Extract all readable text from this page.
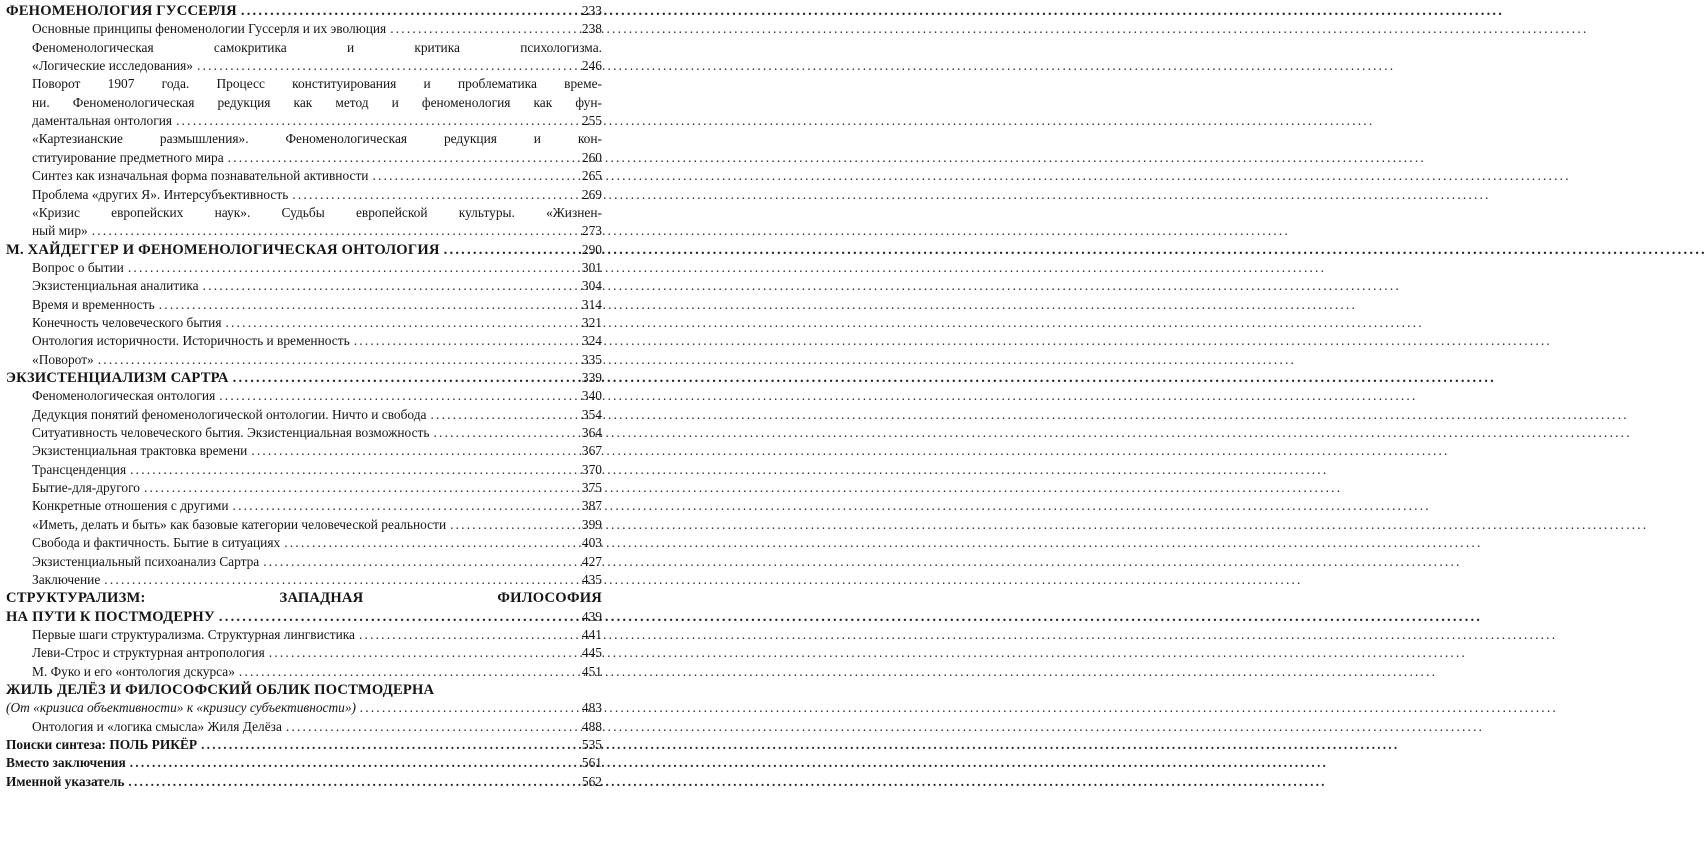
ФЕНОМЕНОЛОГИЯ ГУССЕРЛЯ .....	233
Основные принципы феноменологии Гуссерля и их эволюция .....	238
Феноменологическая самокритика и критика психологизма.
«Логические исследования» .....	246
Поворот 1907 года. Процесс конституирования и проблематика време-
ни. Феноменологическая редукция как метод и феноменология как фун-
даментальная онтология .....	255
«Картезианские размышления». Феноменологическая редукция и кон-
ституирование предметного мира .....	260
Синтез как изначальная форма познавательной активности .....	265
Проблема «других Я». Интерсубъективность .....	269
«Кризис европейских наук». Судьбы европейской культуры. «Жизнен-
ный мир» .....	273
М. ХАЙДЕГГЕР И ФЕНОМЕНОЛОГИЧЕСКАЯ ОНТОЛОГИЯ .....	290
Вопрос о бытии .....	301
Экзистенциальная аналитика .....	304
Время и временность .....	314
Конечность человеческого бытия .....	321
Онтология историчности. Историчность и временность .....	324
«Поворот» .....	335
ЭКЗИСТЕНЦИАЛИЗМ САРТРА .....	339
Феноменологическая онтология .....	340
Дедукция понятий феноменологической онтологии. Ничто и свобода .....	354
Ситуативность человеческого бытия. Экзистенциальная возможность .....	364
Экзистенциальная трактовка времени .....	367
Трансценденция .....	370
Бытие-для-другого .....	375
Конкретные отношения с другими .....	387
«Иметь, делать и быть» как базовые категории человеческой реальности .....	399
Свобода и фактичность. Бытие в ситуациях .....	403
Экзистенциальный психоанализ Сартра .....	427
Заключение .....	435
СТРУКТУРАЛИЗМ: ЗАПАДНАЯ ФИЛОСОФИЯ
НА ПУТИ К ПОСТМОДЕРНУ .....	439
Первые шаги структурализма. Структурная лингвистика .....	441
Леви-Строс и структурная антропология .....	445
М. Фуко и его «онтология дскурса» .....	451
ЖИЛЬ ДЕЛЁЗ И ФИЛОСОФСКИЙ ОБЛИК ПОСТМОДЕРНА
(От «кризиса объективности» к «кризису субъективности») .....	483
Онтология и «логика смысла» Жиля Делёза .....	488
Поиски синтеза: ПОЛЬ РИКЁР .....	535
Вместо заключения .....	561
Именной указатель .....	562
